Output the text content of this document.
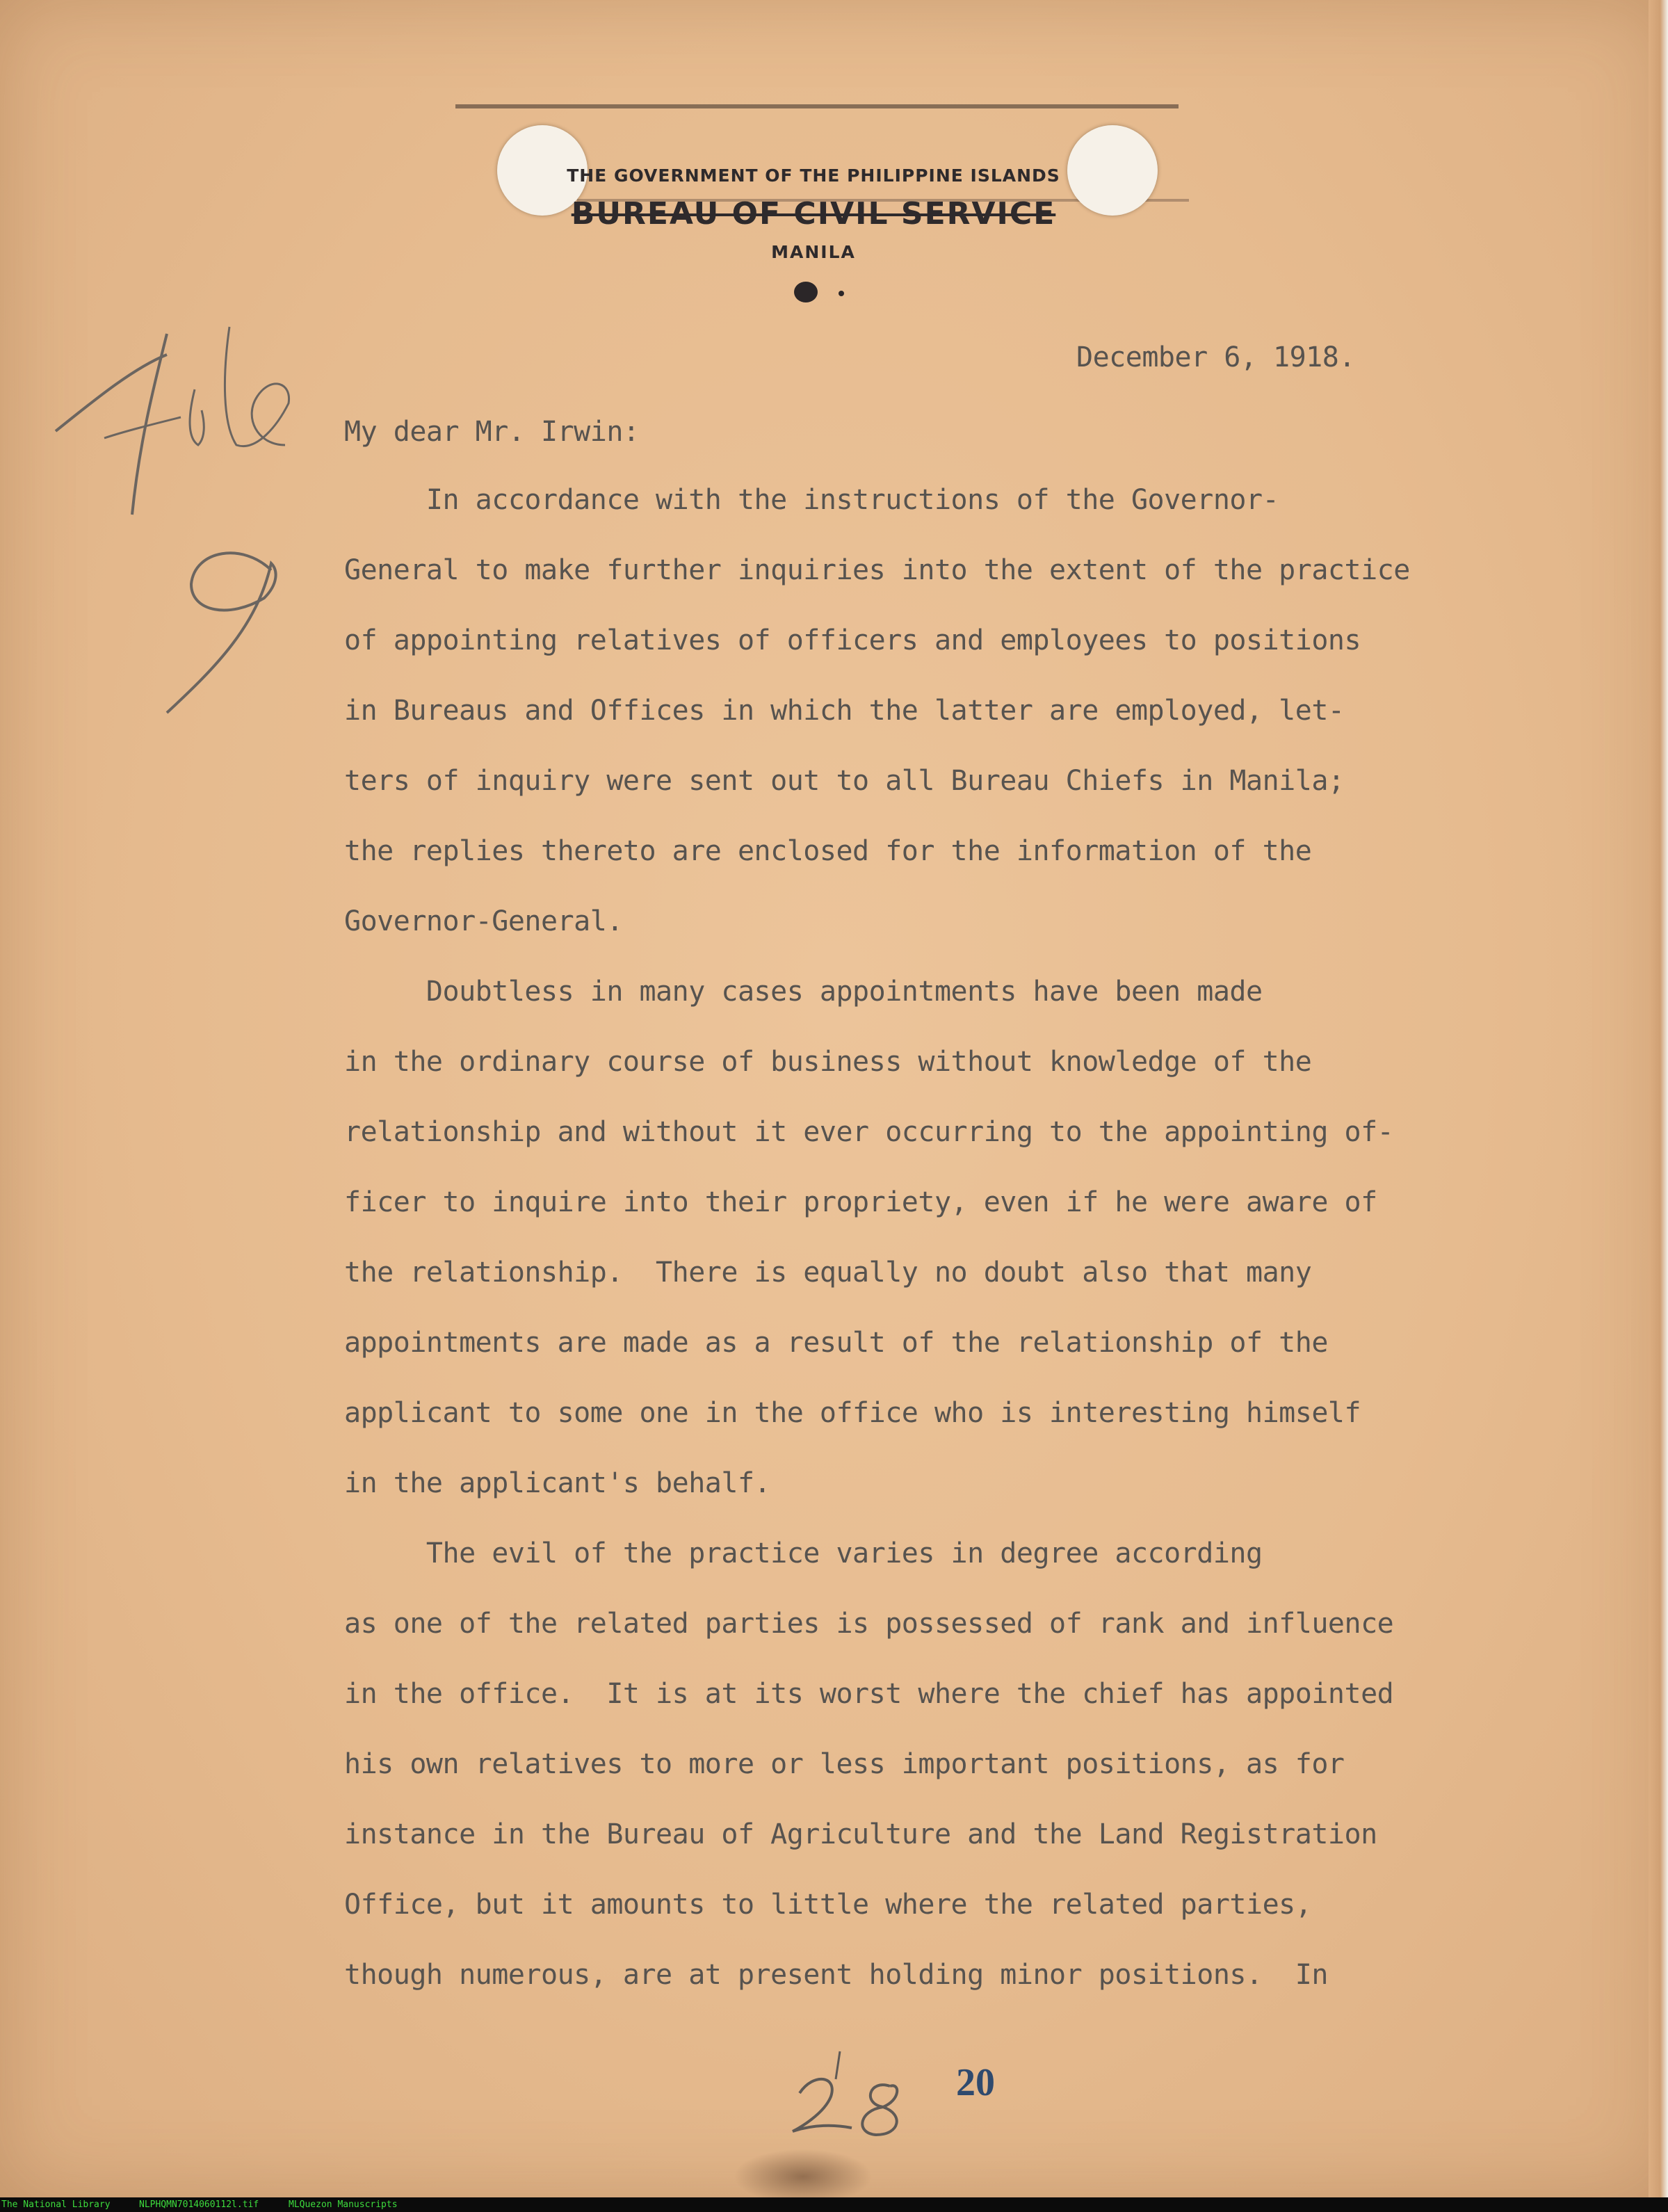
THE GOVERNMENT OF THE PHILIPPINE ISLANDS
BUREAU OF CIVIL SERVICE
MANILA
20
December 6, 1918.
My dear Mr. Irwin:
In accordance with the instructions of the Governor-
General to make further inquiries into the extent of the practice
of appointing relatives of officers and employees to positions
in Bureaus and Offices in which the latter are employed, let-
ters of inquiry were sent out to all Bureau Chiefs in Manila;
the replies thereto are enclosed for the information of the
Governor-General.
Doubtless in many cases appointments have been made
in the ordinary course of business without knowledge of the
relationship and without it ever occurring to the appointing of-
ficer to inquire into their propriety, even if he were aware of
the relationship.  There is equally no doubt also that many
appointments are made as a result of the relationship of the
applicant to some one in the office who is interesting himself
in the applicant's behalf.
The evil of the practice varies in degree according
as one of the related parties is possessed of rank and influence
in the office.  It is at its worst where the chief has appointed
his own relatives to more or less important positions, as for
instance in the Bureau of Agriculture and the Land Registration
Office, but it amounts to little where the related parties,
though numerous, are at present holding minor positions.  In
The National Library	NLPHQMN7014060112l.tif	MLQuezon Manuscripts
